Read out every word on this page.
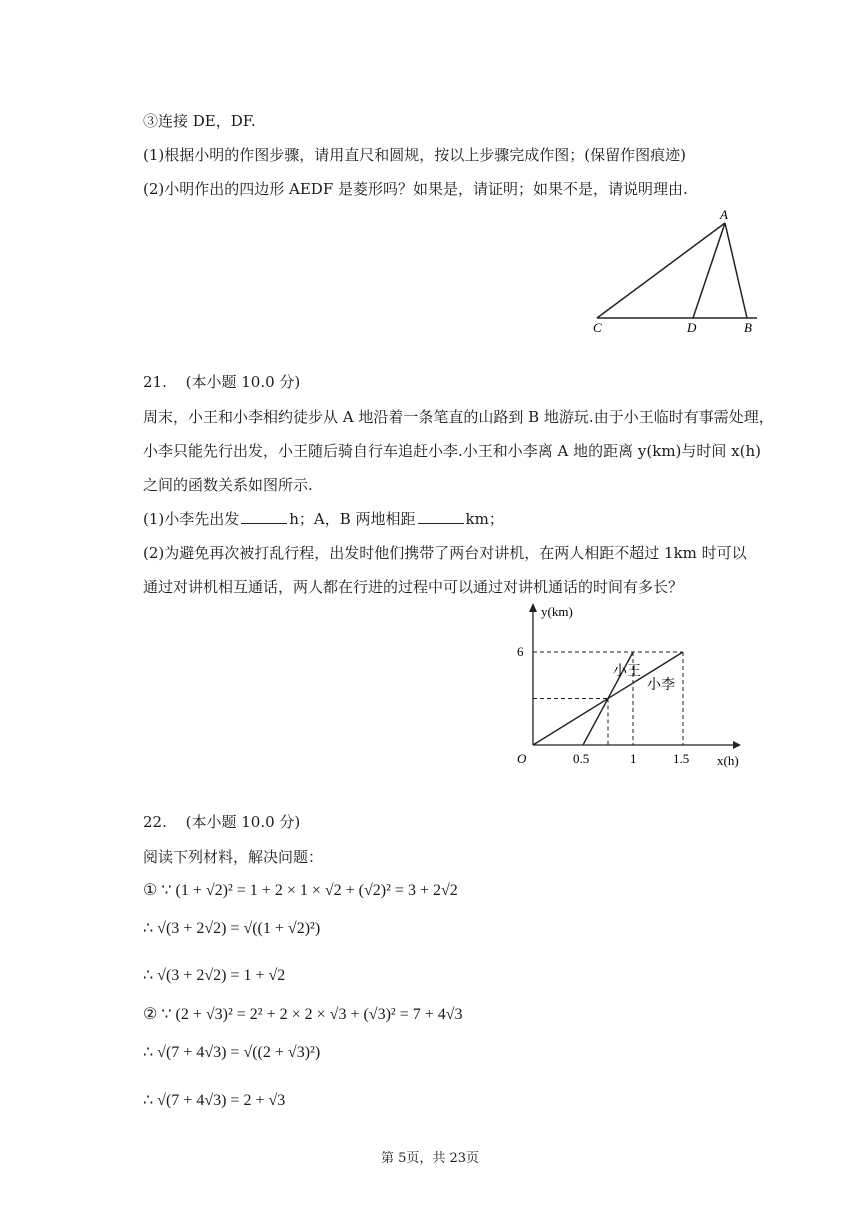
③连接 DE，DF.
(1)根据小明的作图步骤，请用直尺和圆规，按以上步骤完成作图；(保留作图痕迹)
(2)小明作出的四边形 AEDF 是菱形吗？如果是，请证明；如果不是，请说明理由.
A
C	D	B
21. (本小题 10.0 分)
周末，小王和小李相约徒步从 A 地沿着一条笔直的山路到 B 地游玩.由于小王临时有事需处理，
小李只能先行出发，小王随后骑自行车追赶小李.小王和小李离 A 地的距离 y(km)与时间 x(h)
之间的函数关系如图所示.
(1)小李先出发	h；A，B 两地相距	km；
(2)为避免再次被打乱行程，出发时他们携带了两台对讲机，在两人相距不超过 1km 时可以
通过对讲机相互通话，两人都在行进的过程中可以通过对讲机通话的时间有多长？
小王
小李
0.5	1	1.5
6
O
y(km)
x(h)
22. (本小题 10.0 分)
阅读下列材料，解决问题：
① ∵ (1 + √2)² = 1 + 2 × 1 × √2 + (√2)² = 3 + 2√2
∴ √(3 + 2√2) = √((1 + √2)²)
∴ √(3 + 2√2) = 1 + √2
② ∵ (2 + √3)² = 2² + 2 × 2 × √3 + (√3)² = 7 + 4√3
∴ √(7 + 4√3) = √((2 + √3)²)
∴ √(7 + 4√3) = 2 + √3
第 5页，共 23页
